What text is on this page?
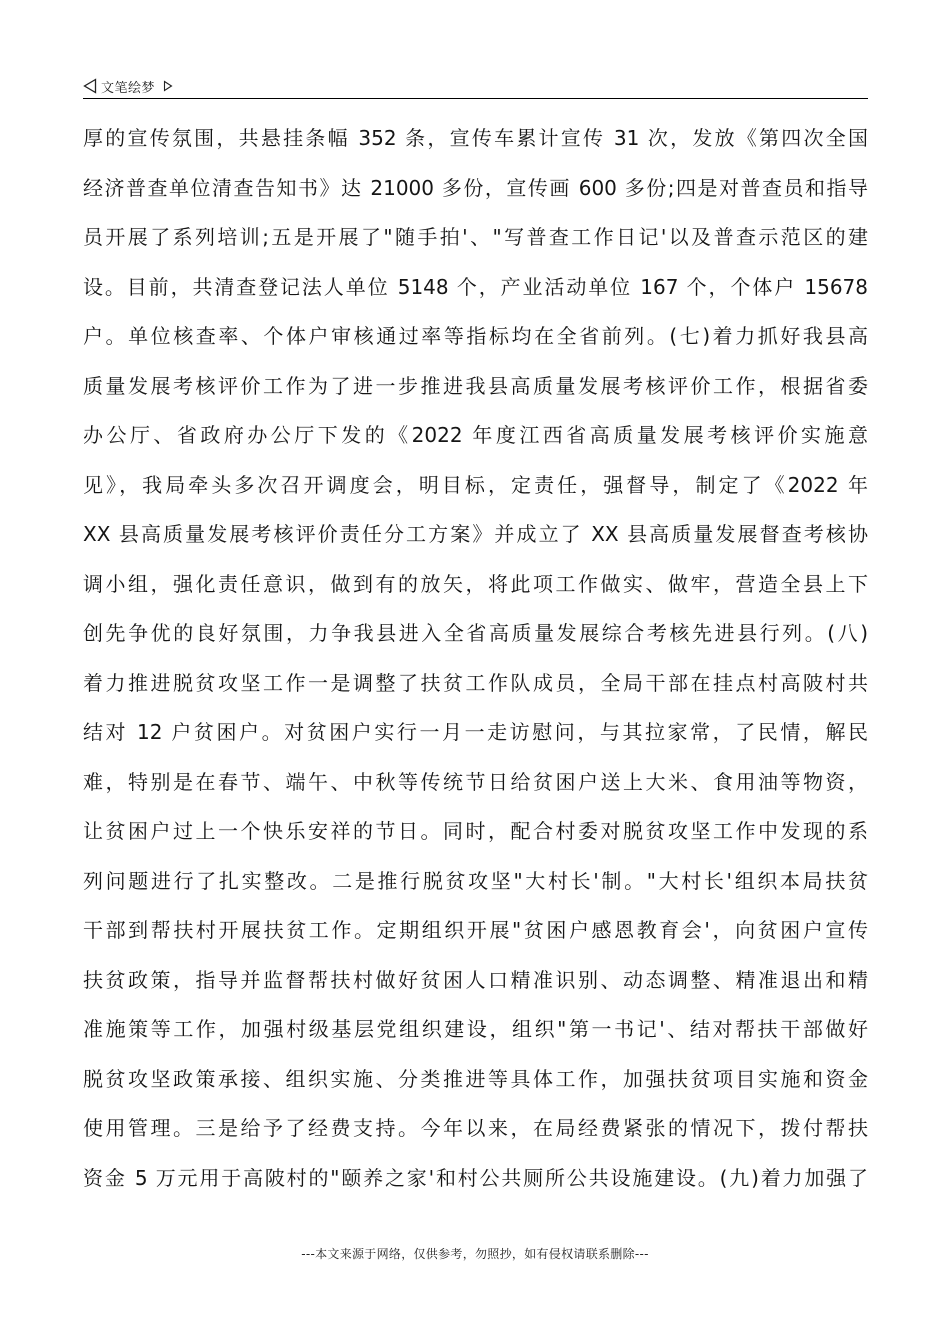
文笔绘梦
厚的宣传氛围，共悬挂条幅 352 条，宣传车累计宣传 31 次，发放《第四次全国
经济普查单位清查告知书》达 21000 多份，宣传画 600 多份;四是对普查员和指导
员开展了系列培训;五是开展了"随手拍'、"写普查工作日记'以及普查示范区的建
设。目前，共清查登记法人单位 5148 个，产业活动单位 167 个，个体户 15678
户。单位核查率、个体户审核通过率等指标均在全省前列。(七)着力抓好我县高
质量发展考核评价工作为了进一步推进我县高质量发展考核评价工作，根据省委
办公厅、省政府办公厅下发的《2022 年度江西省高质量发展考核评价实施意
见》，我局牵头多次召开调度会，明目标，定责任，强督导，制定了《2022 年
XX 县高质量发展考核评价责任分工方案》并成立了 XX 县高质量发展督查考核协
调小组，强化责任意识，做到有的放矢，将此项工作做实、做牢，营造全县上下
创先争优的良好氛围，力争我县进入全省高质量发展综合考核先进县行列。(八)
着力推进脱贫攻坚工作一是调整了扶贫工作队成员，全局干部在挂点村高陂村共
结对 12 户贫困户。对贫困户实行一月一走访慰问，与其拉家常，了民情，解民
难，特别是在春节、端午、中秋等传统节日给贫困户送上大米、食用油等物资，
让贫困户过上一个快乐安祥的节日。同时，配合村委对脱贫攻坚工作中发现的系
列问题进行了扎实整改。二是推行脱贫攻坚"大村长'制。"大村长'组织本局扶贫
干部到帮扶村开展扶贫工作。定期组织开展"贫困户感恩教育会'，向贫困户宣传
扶贫政策，指导并监督帮扶村做好贫困人口精准识别、动态调整、精准退出和精
准施策等工作，加强村级基层党组织建设，组织"第一书记'、结对帮扶干部做好
脱贫攻坚政策承接、组织实施、分类推进等具体工作，加强扶贫项目实施和资金
使用管理。三是给予了经费支持。今年以来，在局经费紧张的情况下，拨付帮扶
资金 5 万元用于高陂村的"颐养之家'和村公共厕所公共设施建设。(九)着力加强了
---本文来源于网络，仅供参考，勿照抄，如有侵权请联系删除---
